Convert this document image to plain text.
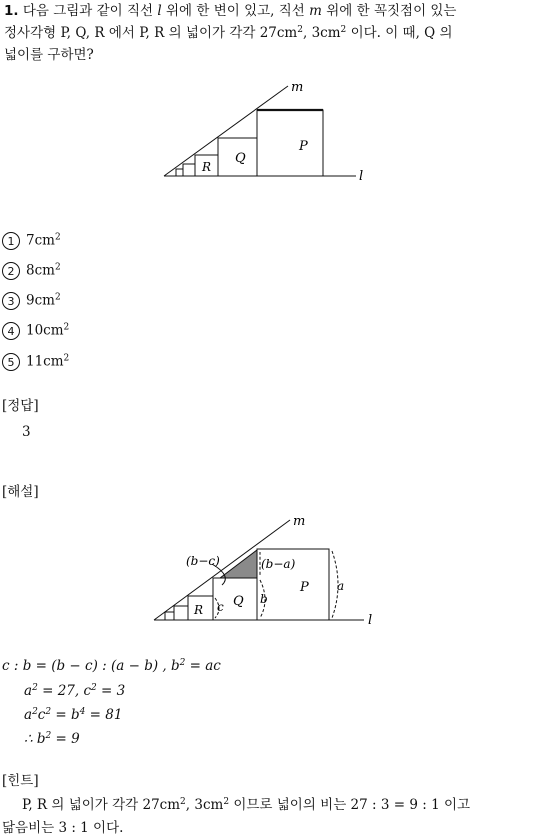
1. 다음 그림과 같이 직선 l 위에 한 변이 있고, 직선 m 위에 한 꼭짓점이 있는
정사각형 P, Q, R 에서 P, R 의 넓이가 각각 $27cm^2$, $3cm^2$ 이다. 이 때, Q 의
넓이를 구하면?
m
l
P
Q
R
1 $7cm^2$
2 $8cm^2$
3 $9cm^2$
4 $10cm^2$
5 $11cm^2$
[정답]
3
[해설]
m
l
P
Q
R
(b−c)	(b−a)
a
b
c
c : b = (b − c) : (a − b) , $b^2$ = ac
$a^2 = 27$, $c^2 = 3$
$a^2c^2 = b^4 = 81$
∴ $b^2 = 9$
[힌트]
P, R 의 넓이가 각각 $27cm^2$, $3cm^2$ 이므로 넓이의 비는 27 : 3 = 9 : 1 이고
닮음비는 3 : 1 이다.
